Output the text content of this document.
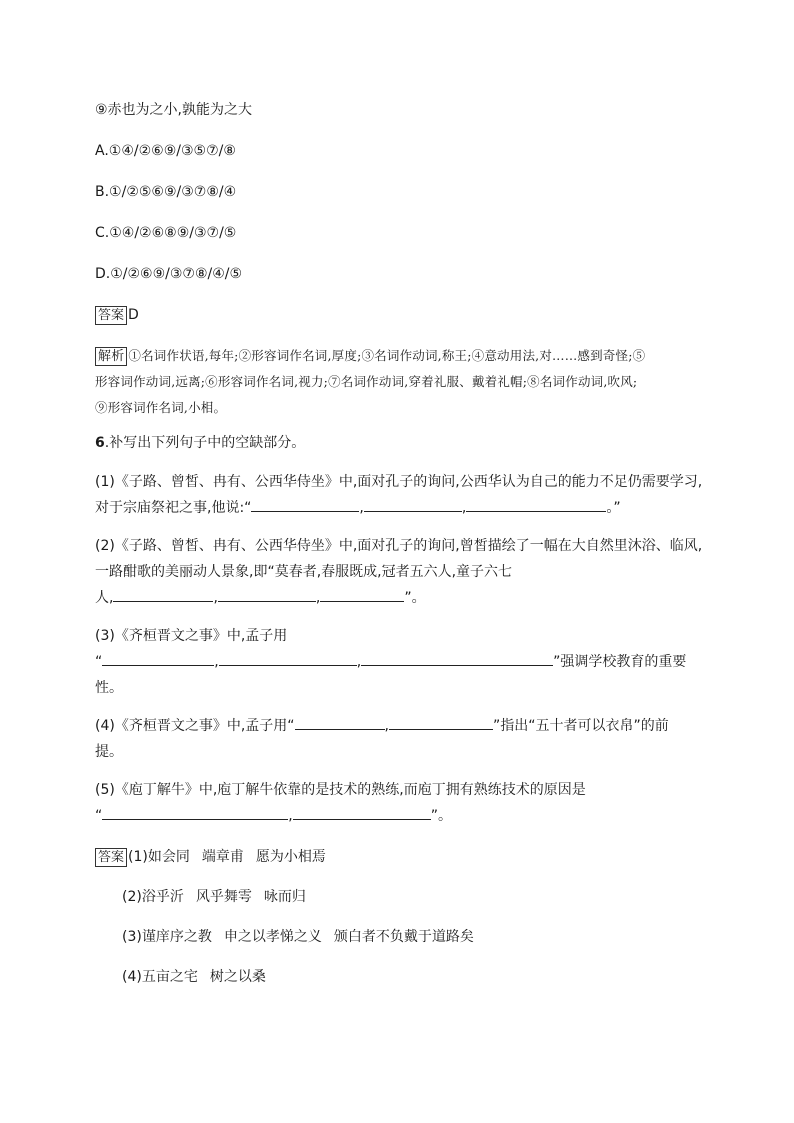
⑨赤也为之小,孰能为之大
A.①④/②⑥⑨/③⑤⑦/⑧
B.①/②⑤⑥⑨/③⑦⑧/④
C.①④/②⑥⑧⑨/③⑦/⑤
D.①/②⑥⑨/③⑦⑧/④/⑤
答案 D
解析 ①名词作状语,每年;②形容词作名词,厚度;③名词作动词,称王;④意动用法,对……感到奇怪;⑤
形容词作动词,远离;⑥形容词作名词,视力;⑦名词作动词,穿着礼服、戴着礼帽;⑧名词作动词,吹风;
⑨形容词作名词,小相。
6.补写出下列句子中的空缺部分。
(1)《子路、曾皙、冉有、公西华侍坐》中,面对孔子的询问,公西华认为自己的能力不足仍需要学习,
对于宗庙祭祀之事,他说:“	,	,	。”
(2)《子路、曾皙、冉有、公西华侍坐》中,面对孔子的询问,曾皙描绘了一幅在大自然里沐浴、临风,
一路酣歌的美丽动人景象,即“莫春者,春服既成,冠者五六人,童子六七
人,	,	,	”。
(3)《齐桓晋文之事》中,孟子用
“	,	,	”强调学校教育的重要
性。
(4)《齐桓晋文之事》中,孟子用“	,	”指出“五十者可以衣帛”的前
提。
(5)《庖丁解牛》中,庖丁解牛依靠的是技术的熟练,而庖丁拥有熟练技术的原因是
“	,	”。
答案 (1)如会同 端章甫 愿为小相焉
(2)浴乎沂 风乎舞雩 咏而归
(3)谨庠序之教 申之以孝悌之义 颁白者不负戴于道路矣
(4)五亩之宅 树之以桑
